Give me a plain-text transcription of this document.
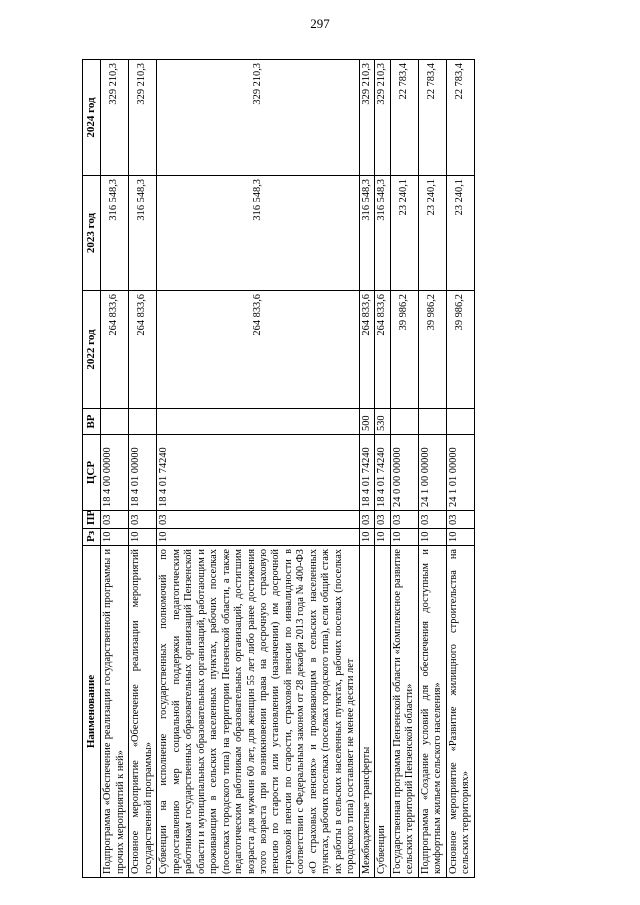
297
Наименование	Рз	ПР	ЦСР	ВР	2022 год	2023 год	2024 год
Подпрограмма «Обеспечение реализации государственной программы и прочих мероприятий к ней»	10	03	18 4 00 00000		264 833,6	316 548,3	329 210,3
Основное мероприятие «Обеспечение реализации мероприятий государственной программы»	10	03	18 4 01 00000		264 833,6	316 548,3	329 210,3
Субвенции на исполнение государственных полномочий по предоставлению мер социальной поддержки педагогическим работникам государственных образовательных организаций Пензенской области и муниципальных образовательных организаций, работающим и проживающим в сельских населенных пунктах, рабочих поселках (поселках городского типа) на территории Пензенской области, а также педагогическим работникам образовательных организаций, достигшим возраста для мужчин 60 лет, для женщин 55 лет либо ранее достижения этого возраста при возникновении права на досрочную страховую пенсию по старости или установлении (назначении) им досрочной страховой пенсии по старости, страховой пенсии по инвалидности в соответствии с Федеральным законом от 28 декабря 2013 года № 400-ФЗ «О страховых пенсиях» и проживающим в сельских населенных пунктах, рабочих поселках (поселках городского типа), если общий стаж их работы в сельских населенных пунктах, рабочих поселках (поселках городского типа) составляет не менее десяти лет	10	03	18 4 01 74240		264 833,6	316 548,3	329 210,3
Межбюджетные трансферты	10	03	18 4 01 74240	500	264 833,6	316 548,3	329 210,3
Субвенции	10	03	18 4 01 74240	530	264 833,6	316 548,3	329 210,3
Государственная программа Пензенской области «Комплексное развитие сельских территорий Пензенской области»	10	03	24 0 00 00000		39 986,2	23 240,1	22 783,4
Подпрограмма «Создание условий для обеспечения доступным и комфортным жильем сельского населения»	10	03	24 1 00 00000		39 986,2	23 240,1	22 783,4
Основное мероприятие «Развитие жилищного строительства на сельских территориях»	10	03	24 1 01 00000		39 986,2	23 240,1	22 783,4
